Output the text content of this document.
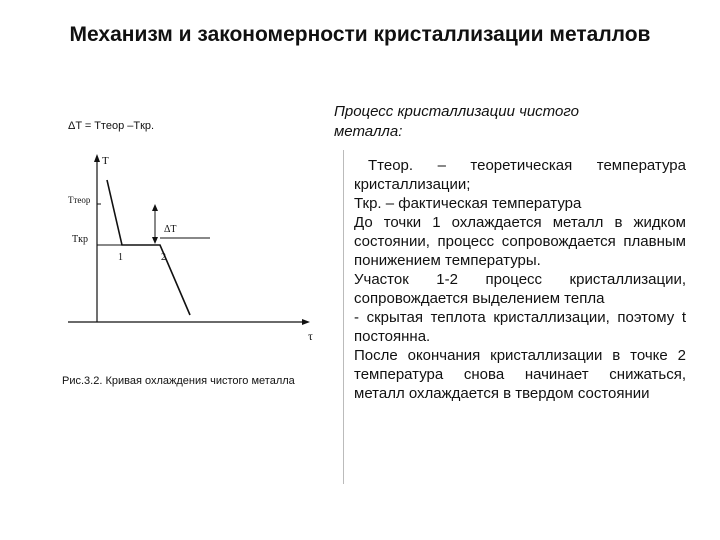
Механизм и закономерности кристаллизации металлов
ΔT = Tтеор –Tкр.
Процесс кристаллизации чистого металла:

Tтеор. – теоретическая температура кристаллизации;

Ткр. – фактическая температура

До точки 1 охлаждается металл в жидком состоянии, процесс сопровождается плавным понижением температуры.

Участок 1-2 процесс кристаллизации, сопровождается выделением тепла

- скрытая теплота кристаллизации, поэтому t постоянна.

После окончания кристаллизации в точке 2 температура снова начинает снижаться, металл охлаждается в твердом состоянии

T
τ
Tтеор
Tкр
ΔT
1	2
Рис.3.2. Кривая охлаждения чистого металла
